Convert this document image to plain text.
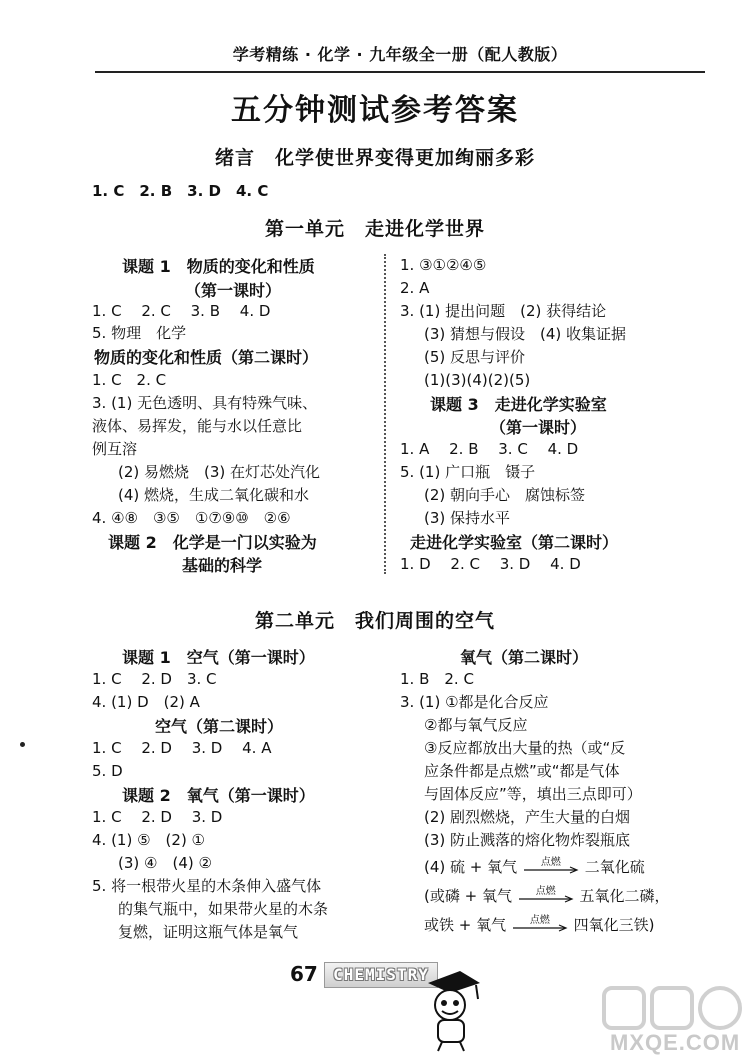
学考精练 · 化学 · 九年级全一册（配人教版）
五分钟测试参考答案
绪言　化学使世界变得更加绚丽多彩
1. C　2. B　3. D　4. C
第一单元　走进化学世界
课题 1　物质的变化和性质
（第一课时）
1. C　 2. C　 3. B　 4. D
5. 物理　化学
物质的变化和性质（第二课时）
1. C　2. C
3. (1) 无色透明、具有特殊气味、
液体、易挥发，能与水以任意比
例互溶
(2) 易燃烧　(3) 在灯芯处汽化
(4) 燃烧，生成二氧化碳和水
4. ④⑧　③⑤　①⑦⑨⑩　②⑥
课题 2　化学是一门以实验为
基础的科学
1. ③①②④⑤
2. A
3. (1) 提出问题　(2) 获得结论
(3) 猜想与假设　(4) 收集证据
(5) 反思与评价
(1)(3)(4)(2)(5)
课题 3　走进化学实验室
（第一课时）
1. A　 2. B　 3. C　 4. D
5. (1) 广口瓶　镊子
(2) 朝向手心　腐蚀标签
(3) 保持水平
走进化学实验室（第二课时）
1. D　 2. C　 3. D　 4. D
第二单元　我们周围的空气
课题 1　空气（第一课时）
1. C　 2. D　3. C
4. (1) D　(2) A
空气（第二课时）
1. C　 2. D　 3. D　 4. A
5. D
课题 2　氧气（第一课时）
1. C　 2. D　 3. D
4. (1) ⑤　(2) ①
(3) ④　(4) ②
5. 将一根带火星的木条伸入盛气体
的集气瓶中，如果带火星的木条
复燃，证明这瓶气体是氧气
氧气（第二课时）
1. B　2. C
3. (1) ①都是化合反应
②都与氧气反应
③反应都放出大量的热（或“反
应条件都是点燃”或“都是气体
与固体反应”等，填出三点即可）
(2) 剧烈燃烧，产生大量的白烟
(3) 防止溅落的熔化物炸裂瓶底
(4) 硫 + 氧气	点燃	二氧化硫
(或磷 + 氧气	点燃	五氧化二磷，
或铁 + 氧气	点燃	四氧化三铁)
67 CHEMISTRY
MXQE.COM
